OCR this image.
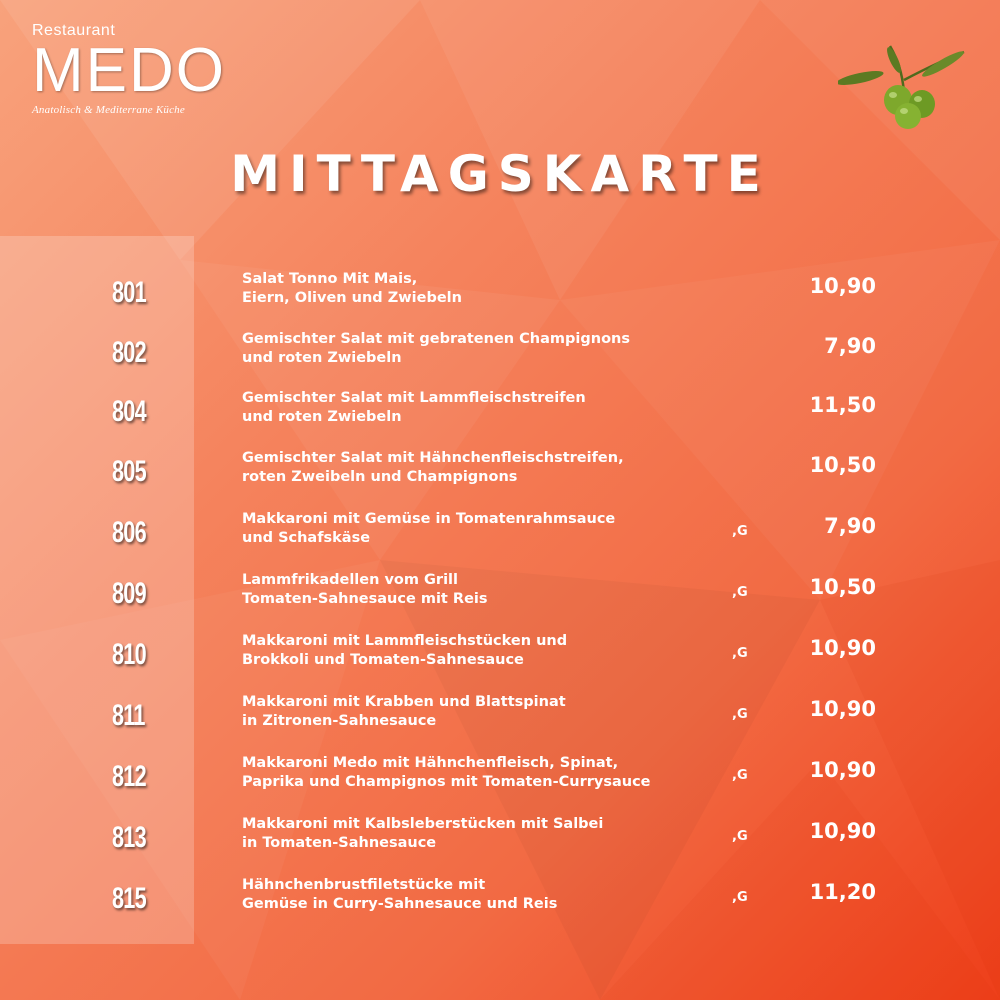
Restaurant
MEDO
Anatolisch & Mediterrane Küche
MITTAGSKARTE
801	Salat Tonno Mit Mais,
Eiern, Oliven und Zwiebeln	10,90
802	Gemischter Salat mit gebratenen Champignons
und roten Zwiebeln	7,90
804	Gemischter Salat mit Lammfleischstreifen
und roten Zwiebeln	11,50
805	Gemischter Salat mit Hähnchenfleischstreifen,
roten Zweibeln und Champignons	10,50
806	Makkaroni mit Gemüse in Tomatenrahmsauce
und Schafskäse	,G	7,90
809	Lammfrikadellen vom Grill
Tomaten-Sahnesauce mit Reis	,G	10,50
810	Makkaroni mit Lammfleischstücken und
Brokkoli und Tomaten-Sahnesauce	,G	10,90
811	Makkaroni mit Krabben und Blattspinat
in Zitronen-Sahnesauce	,G	10,90
812	Makkaroni Medo mit Hähnchenfleisch, Spinat,
Paprika und Champignos mit Tomaten-Currysauce	,G	10,90
813	Makkaroni mit Kalbsleberstücken mit Salbei
in Tomaten-Sahnesauce	,G	10,90
815	Hähnchenbrustfiletstücke mit
Gemüse in Curry-Sahnesauce und Reis	,G	11,20
